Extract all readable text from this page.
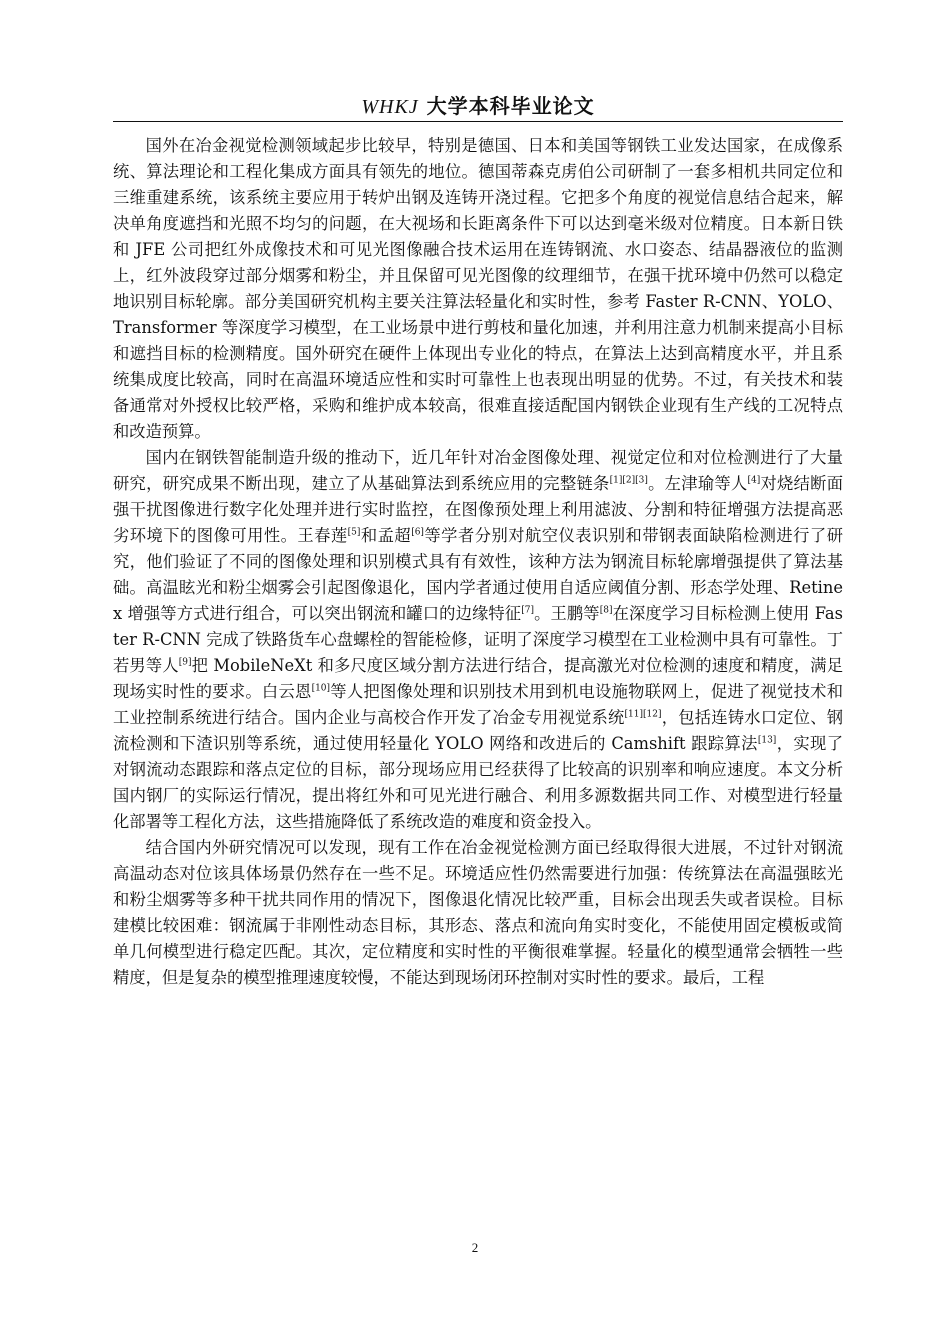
WHKJ 大学本科毕业论文

国外在冶金视觉检测领域起步比较早，特别是德国、日本和美国等钢铁工业发达国家，在成像系统、算法理论和工程化集成方面具有领先的地位。德国蒂森克虏伯公司研制了一套多相机共同定位和三维重建系统，该系统主要应用于转炉出钢及连铸开浇过程。它把多个角度的视觉信息结合起来，解决单角度遮挡和光照不均匀的问题，在大视场和长距离条件下可以达到毫米级对位精度。日本新日铁和 JFE 公司把红外成像技术和可见光图像融合技术运用在连铸钢流、水口姿态、结晶器液位的监测上，红外波段穿过部分烟雾和粉尘，并且保留可见光图像的纹理细节，在强干扰环境中仍然可以稳定地识别目标轮廓。部分美国研究机构主要关注算法轻量化和实时性，参考 Faster R-CNN、YOLO、Transformer 等深度学习模型，在工业场景中进行剪枝和量化加速，并利用注意力机制来提高小目标和遮挡目标的检测精度。国外研究在硬件上体现出专业化的特点，在算法上达到高精度水平，并且系统集成度比较高，同时在高温环境适应性和实时可靠性上也表现出明显的优势。不过，有关技术和装备通常对外授权比较严格，采购和维护成本较高，很难直接适配国内钢铁企业现有生产线的工况特点和改造预算。

国内在钢铁智能制造升级的推动下，近几年针对冶金图像处理、视觉定位和对位检测进行了大量研究，研究成果不断出现，建立了从基础算法到系统应用的完整链条[1][2][3]。左津瑜等人[4]对烧结断面强干扰图像进行数字化处理并进行实时监控，在图像预处理上利用滤波、分割和特征增强方法提高恶劣环境下的图像可用性。王春莲[5]和孟超[6]等学者分别对航空仪表识别和带钢表面缺陷检测进行了研究，他们验证了不同的图像处理和识别模式具有有效性，该种方法为钢流目标轮廓增强提供了算法基础。高温眩光和粉尘烟雾会引起图像退化，国内学者通过使用自适应阈值分割、形态学处理、Retinex 增强等方式进行组合，可以突出钢流和罐口的边缘特征[7]。王鹏等[8]在深度学习目标检测上使用 Faster R-CNN 完成了铁路货车心盘螺栓的智能检修，证明了深度学习模型在工业检测中具有可靠性。丁若男等人[9]把 MobileNeXt 和多尺度区域分割方法进行结合，提高激光对位检测的速度和精度，满足现场实时性的要求。白云恩[10]等人把图像处理和识别技术用到机电设施物联网上，促进了视觉技术和工业控制系统进行结合。国内企业与高校合作开发了冶金专用视觉系统[11][12]，包括连铸水口定位、钢流检测和下渣识别等系统，通过使用轻量化 YOLO 网络和改进后的 Camshift 跟踪算法[13]，实现了对钢流动态跟踪和落点定位的目标，部分现场应用已经获得了比较高的识别率和响应速度。本文分析国内钢厂的实际运行情况，提出将红外和可见光进行融合、利用多源数据共同工作、对模型进行轻量化部署等工程化方法，这些措施降低了系统改造的难度和资金投入。

结合国内外研究情况可以发现，现有工作在冶金视觉检测方面已经取得很大进展，不过针对钢流高温动态对位该具体场景仍然存在一些不足。环境适应性仍然需要进行加强：传统算法在高温强眩光和粉尘烟雾等多种干扰共同作用的情况下，图像退化情况比较严重，目标会出现丢失或者误检。目标建模比较困难：钢流属于非刚性动态目标，其形态、落点和流向角实时变化，不能使用固定模板或简单几何模型进行稳定匹配。其次，定位精度和实时性的平衡很难掌握。轻量化的模型通常会牺牲一些精度，但是复杂的模型推理速度较慢，不能达到现场闭环控制对实时性的要求。最后，工程

2
